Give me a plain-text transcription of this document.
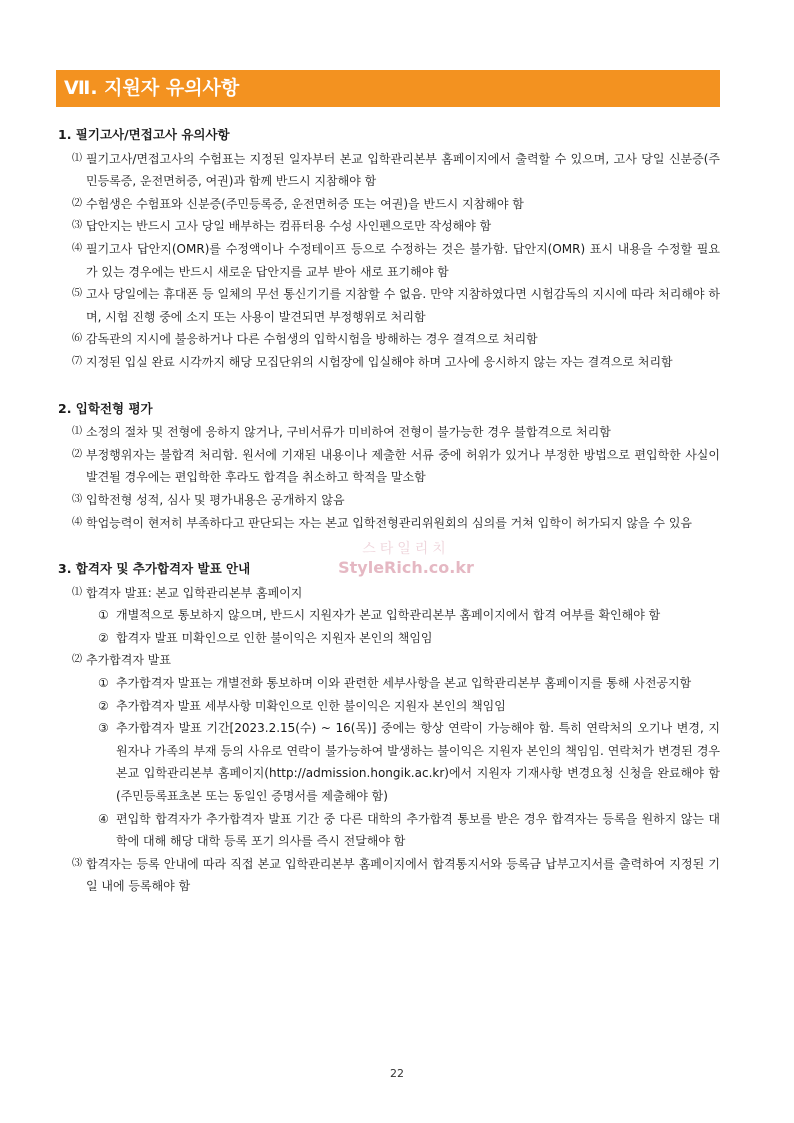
Ⅶ. 지원자 유의사항
1. 필기고사/면접고사 유의사항
⑴ 필기고사/면접고사의 수험표는 지정된 일자부터 본교 입학관리본부 홈페이지에서 출력할 수 있으며, 고사 당일 신분증(주민등록증, 운전면허증, 여권)과 함께 반드시 지참해야 함
⑵ 수험생은 수험표와 신분증(주민등록증, 운전면허증 또는 여권)을 반드시 지참해야 함
⑶ 답안지는 반드시 고사 당일 배부하는 컴퓨터용 수성 사인펜으로만 작성해야 함
⑷ 필기고사 답안지(OMR)를 수정액이나 수정테이프 등으로 수정하는 것은 불가함. 답안지(OMR) 표시 내용을 수정할 필요가 있는 경우에는 반드시 새로운 답안지를 교부 받아 새로 표기해야 함
⑸ 고사 당일에는 휴대폰 등 일체의 무선 통신기기를 지참할 수 없음. 만약 지참하였다면 시험감독의 지시에 따라 처리해야 하며, 시험 진행 중에 소지 또는 사용이 발견되면 부정행위로 처리함
⑹ 감독관의 지시에 불응하거나 다른 수험생의 입학시험을 방해하는 경우 결격으로 처리함
⑺ 지정된 입실 완료 시각까지 해당 모집단위의 시험장에 입실해야 하며 고사에 응시하지 않는 자는 결격으로 처리함
2. 입학전형 평가
⑴ 소정의 절차 및 전형에 응하지 않거나, 구비서류가 미비하여 전형이 불가능한 경우 불합격으로 처리함
⑵ 부정행위자는 불합격 처리함. 원서에 기재된 내용이나 제출한 서류 중에 허위가 있거나 부정한 방법으로 편입학한 사실이 발견될 경우에는 편입학한 후라도 합격을 취소하고 학적을 말소함
⑶ 입학전형 성적, 심사 및 평가내용은 공개하지 않음
⑷ 학업능력이 현저히 부족하다고 판단되는 자는 본교 입학전형관리위원회의 심의를 거쳐 입학이 허가되지 않을 수 있음
3. 합격자 및 추가합격자 발표 안내
⑴ 합격자 발표: 본교 입학관리본부 홈페이지
① 개별적으로 통보하지 않으며, 반드시 지원자가 본교 입학관리본부 홈페이지에서 합격 여부를 확인해야 함
② 합격자 발표 미확인으로 인한 불이익은 지원자 본인의 책임임
⑵ 추가합격자 발표
① 추가합격자 발표는 개별전화 통보하며 이와 관련한 세부사항을 본교 입학관리본부 홈페이지를 통해 사전공지함
② 추가합격자 발표 세부사항 미확인으로 인한 불이익은 지원자 본인의 책임임
③ 추가합격자 발표 기간[2023.2.15(수) ~ 16(목)] 중에는 항상 연락이 가능해야 함. 특히 연락처의 오기나 변경, 지원자나 가족의 부재 등의 사유로 연락이 불가능하여 발생하는 불이익은 지원자 본인의 책임임. 연락처가 변경된 경우 본교 입학관리본부 홈페이지(http://admission.hongik.ac.kr)에서 지원자 기재사항 변경요청 신청을 완료해야 함(주민등록표초본 또는 동일인 증명서를 제출해야 함)
④ 편입학 합격자가 추가합격자 발표 기간 중 다른 대학의 추가합격 통보를 받은 경우 합격자는 등록을 원하지 않는 대학에 대해 해당 대학 등록 포기 의사를 즉시 전달해야 함
⑶ 합격자는 등록 안내에 따라 직접 본교 입학관리본부 홈페이지에서 합격통지서와 등록금 납부고지서를 출력하여 지정된 기일 내에 등록해야 함
스타일리치
StyleRich.co.kr
22
